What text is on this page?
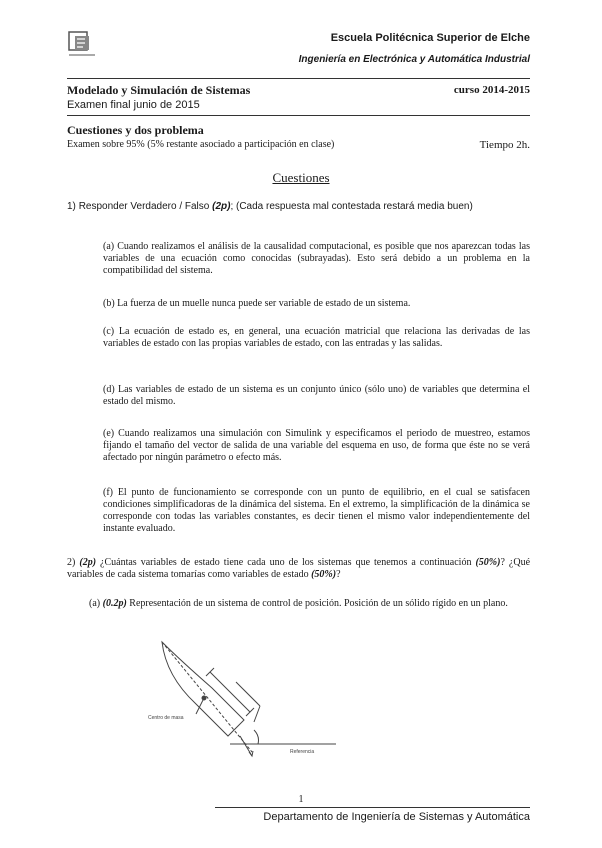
Escuela Politécnica Superior de Elche
Ingeniería en Electrónica y Automática Industrial
Modelado y Simulación de Sistemas	curso 2014-2015
Examen final junio de 2015
Cuestiones y dos problema
Examen sobre 95% (5% restante asociado a participación en clase)	Tiempo 2h.
Cuestiones
1) Responder Verdadero / Falso (2p); (Cada respuesta mal contestada restará media buen)
(a) Cuando realizamos el análisis de la causalidad computacional, es posible que nos aparezcan todas las variables de una ecuación como conocidas (subrayadas). Esto será debido a un problema en la compatibilidad del sistema.
(b) La fuerza de un muelle nunca puede ser variable de estado de un sistema.
(c) La ecuación de estado es, en general, una ecuación matricial que relaciona las derivadas de las variables de estado con las propias variables de estado, con las entradas y las salidas.
(d) Las variables de estado de un sistema es un conjunto único (sólo uno) de variables que determina el estado del mismo.
(e) Cuando realizamos una simulación con Simulink y especificamos el periodo de muestreo, estamos fijando el tamaño del vector de salida de una variable del esquema en uso, de forma que éste no se verá afectado por ningún parámetro o efecto más.
(f) El punto de funcionamiento se corresponde con un punto de equilibrio, en el cual se satisfacen condiciones simplificadoras de la dinámica del sistema. En el extremo, la simplificación de la dinámica se corresponde con todas las variables constantes, es decir tienen el mismo valor independientemente del instante evaluado.
2) (2p) ¿Cuántas variables de estado tiene cada uno de los sistemas que tenemos a continuación (50%)? ¿Qué variables de cada sistema tomarías como variables de estado (50%)?
(a) (0.2p) Representación de un sistema de control de posición. Posición de un sólido rígido en un plano.
Centro de masa
Referencia
1
Departamento de Ingeniería de Sistemas y Automática
